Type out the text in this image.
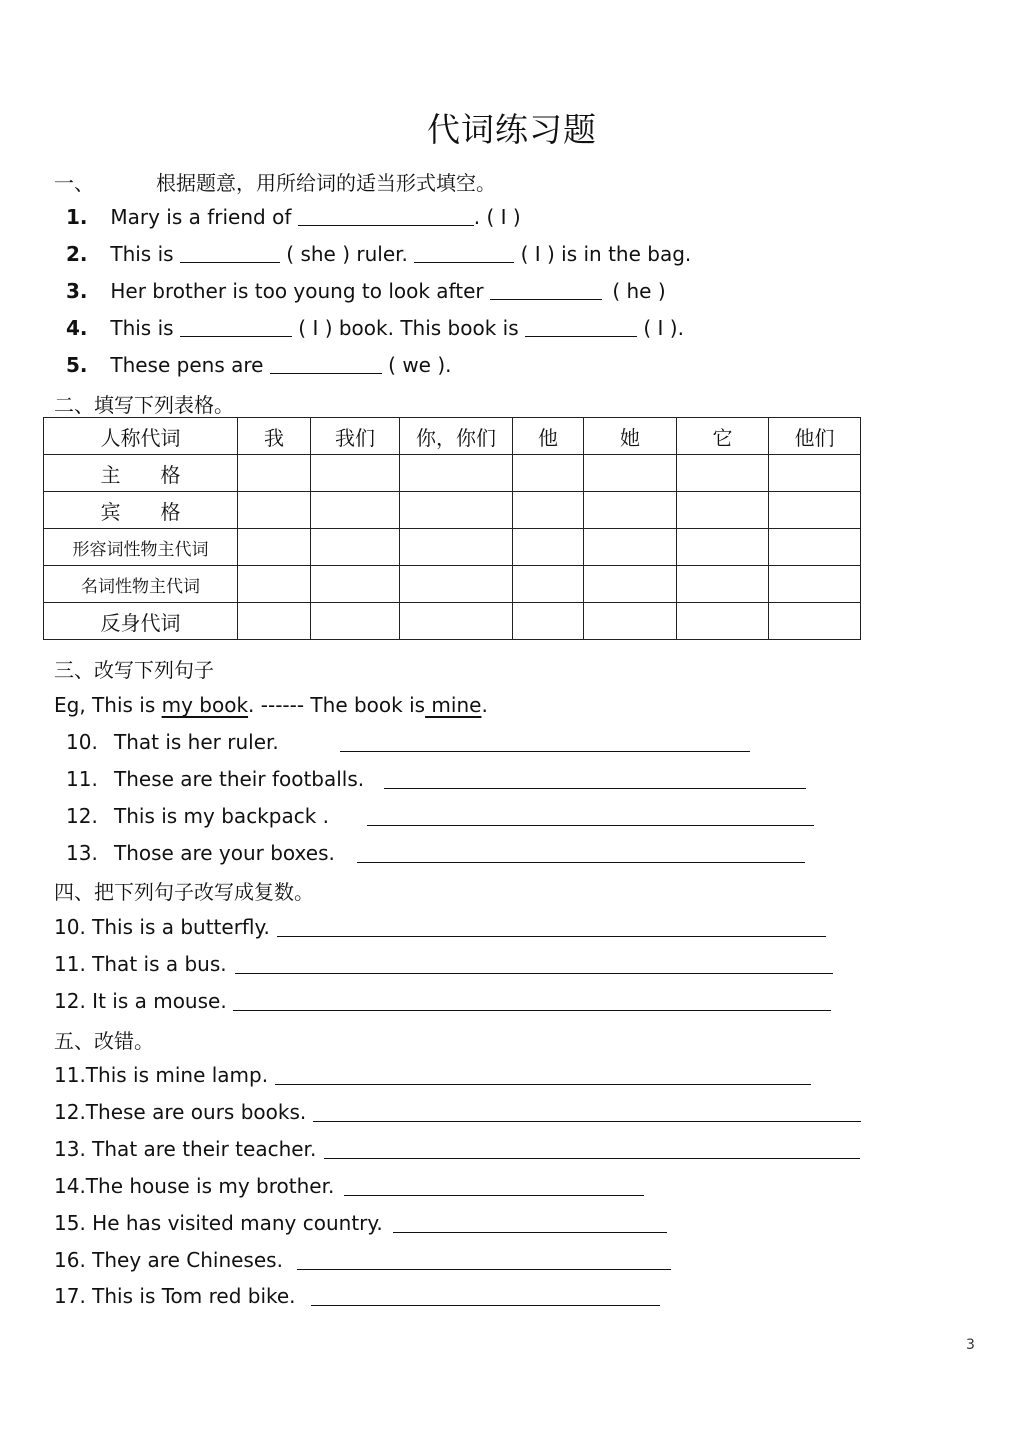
代词练习题
一、	根据题意，用所给词的适当形式填空。
1. Mary is a friend of	. ( I )
2. This is	( she ) ruler.	( I ) is in the bag.
3. Her brother is too young to look after	( he )
4. This is	( I ) book. This book is	( I ).
5. These pens are	( we ).
二、填写下列表格。
人称代词	我	我们	你，你们	他	她	它	他们
主　　格							
宾　　格							
形容词性物主代词							
名词性物主代词							
反身代词							
三、改写下列句子
Eg, This is my book. ------ The book is mine.
10. That is her ruler.
11. These are their footballs.
12. This is my backpack .
13. Those are your boxes.
四、把下列句子改写成复数。
10. This is a butterfly.
11. That is a bus.
12. It is a mouse.
五、改错。
11.This is mine lamp.
12.These are ours books.
13. That are their teacher.
14.The house is my brother.
15. He has visited many country.
16. They are Chineses.
17. This is Tom red bike.
3
